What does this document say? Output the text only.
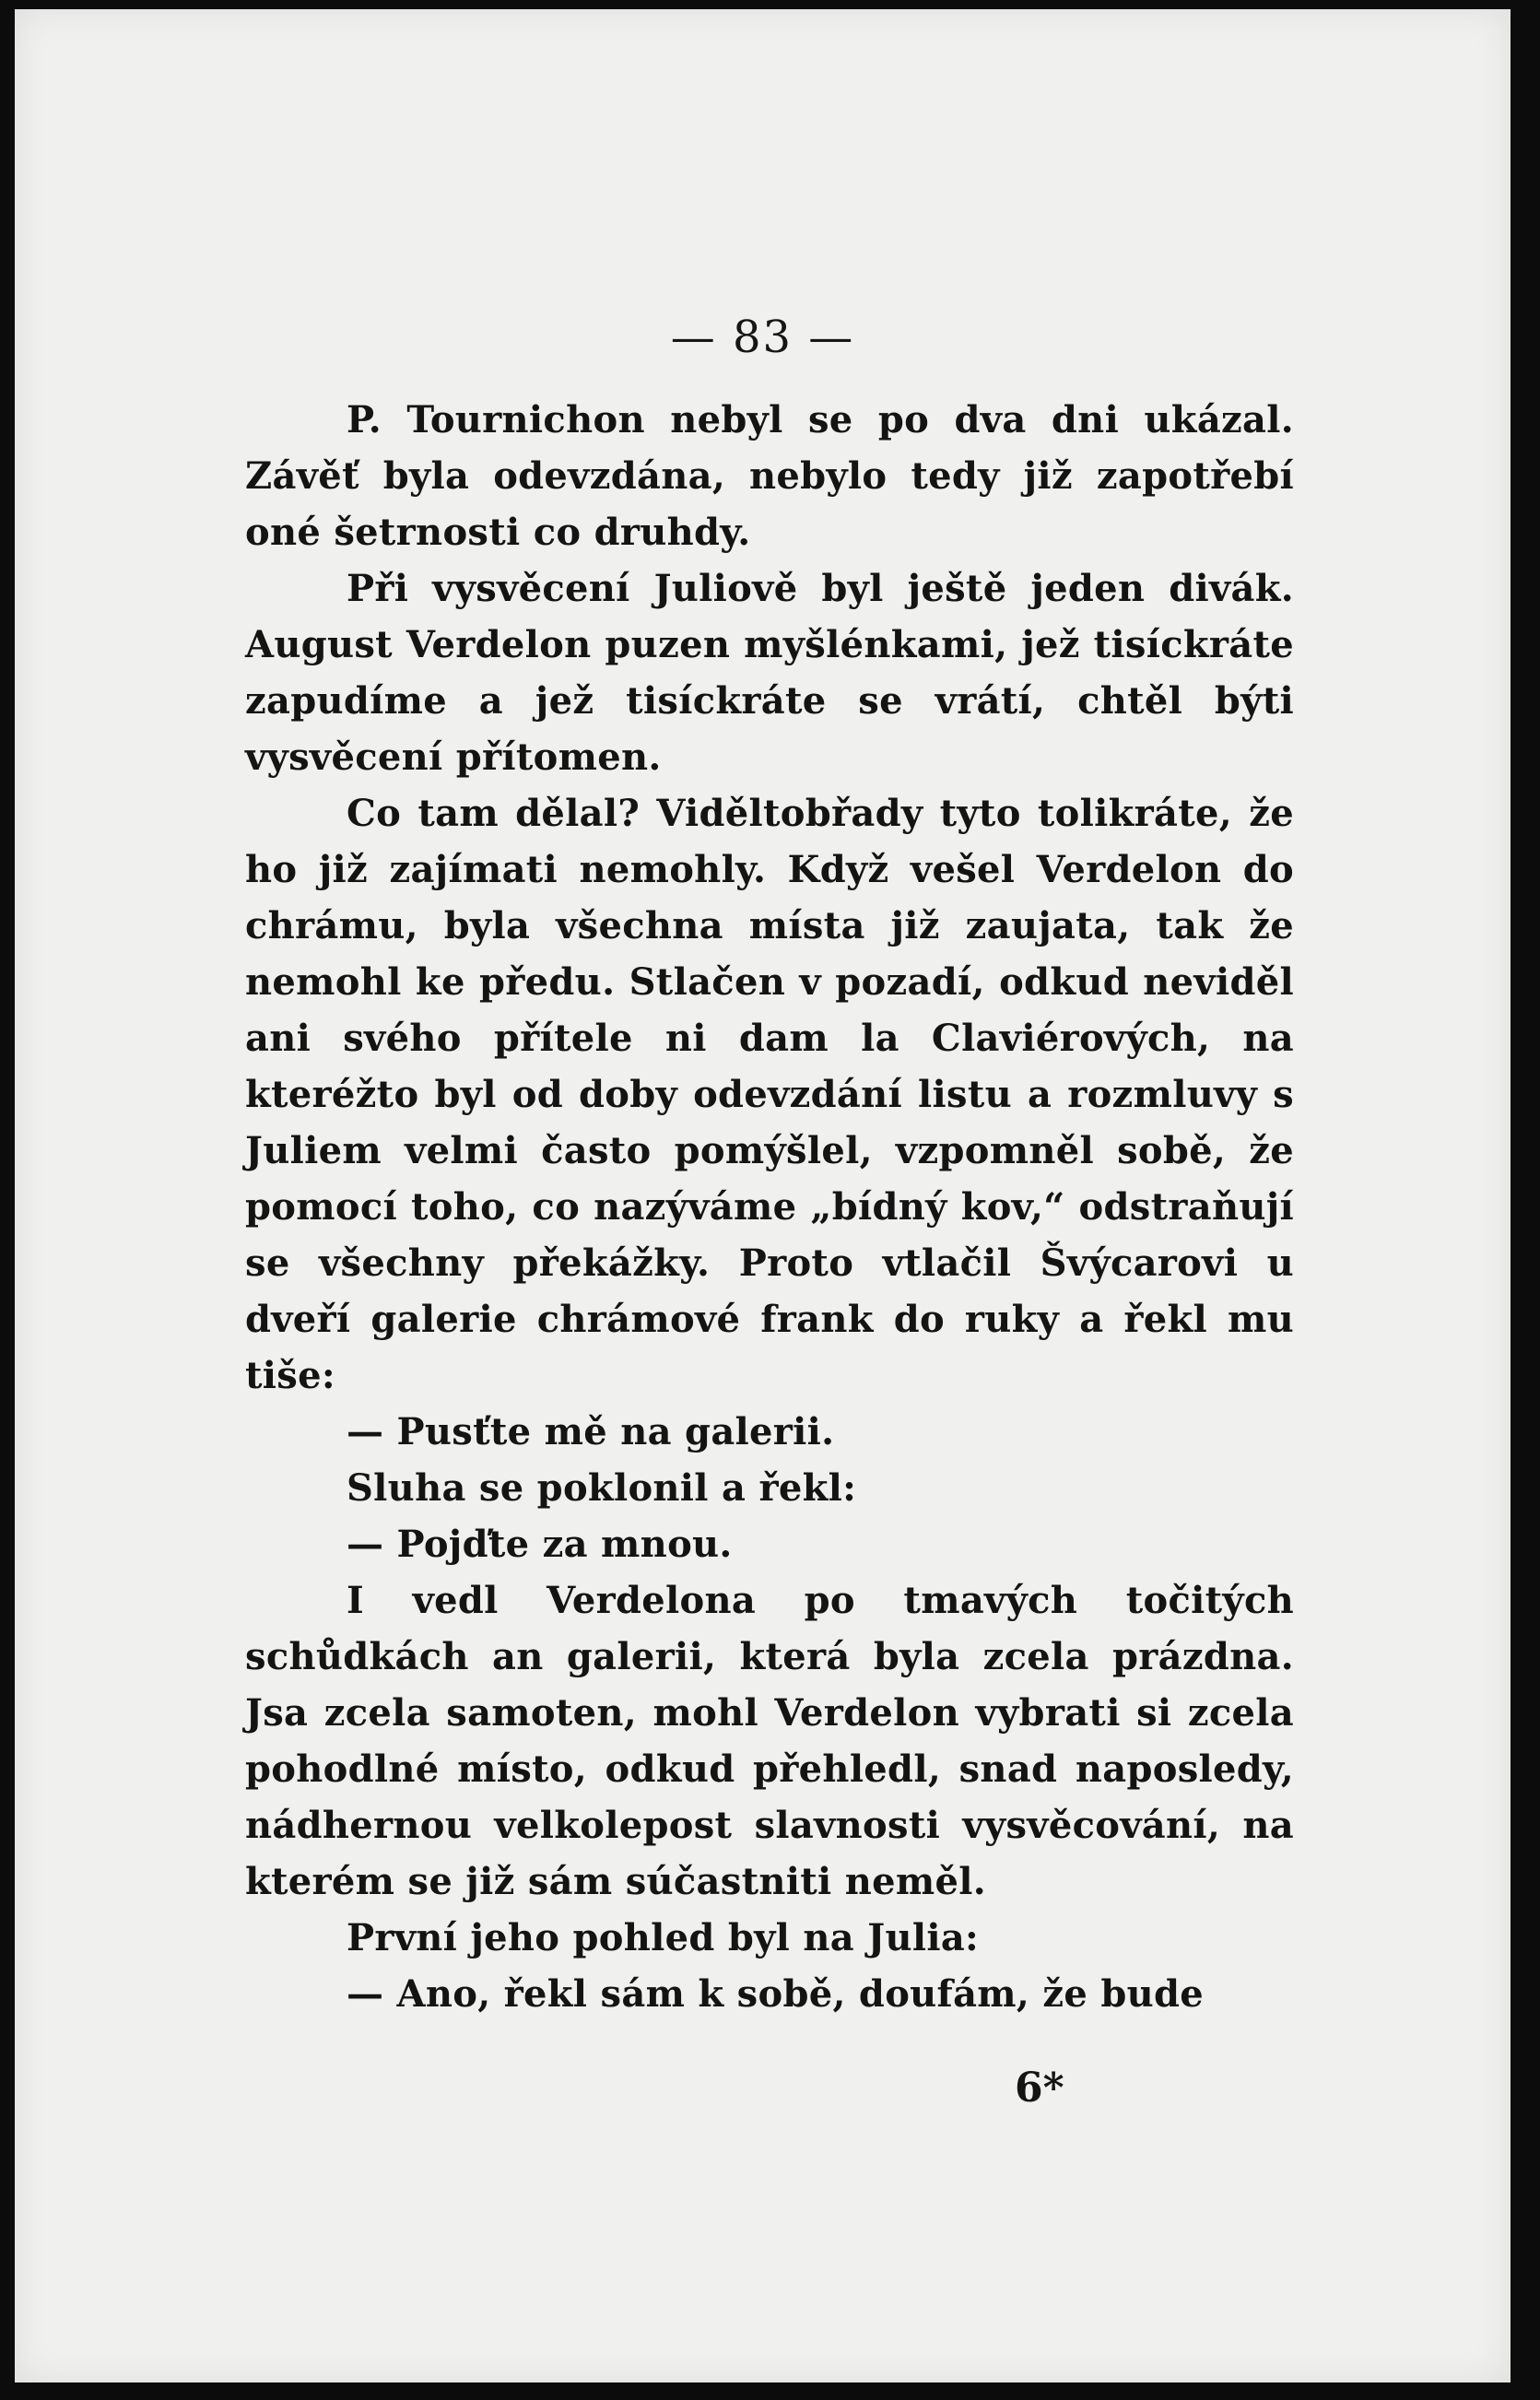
— 83 —

P. Tournichon nebyl se po dva dni ukázal. Závěť byla odevzdána, nebylo tedy již zapotřebí oné šetrnosti co druhdy.

Při vysvěcení Juliově byl ještě jeden divák. August Verdelon puzen myšlénkami, jež tisíckráte zapudíme a jež tisíckráte se vrátí, chtěl býti vysvěcení přítomen.

Co tam dělal? Viděltobřady tyto tolikráte, že ho již zajímati nemohly. Když vešel Verdelon do chrámu, byla všechna místa již zaujata, tak že nemohl ke předu. Stlačen v pozadí, odkud neviděl ani svého přítele ni dam la Claviérových, na kteréžto byl od doby odevzdání listu a rozmluvy s Juliem velmi často pomýšlel, vzpomněl sobě, že pomocí toho, co nazýváme „bídný kov,“ odstraňují se všechny překážky. Proto vtlačil Švýcarovi u dveří galerie chrámové frank do ruky a řekl mu tiše:

— Pusťte mě na galerii.

Sluha se poklonil a řekl:

— Pojďte za mnou.

I vedl Verdelona po tmavých točitých schůdkách an galerii, která byla zcela prázdna. Jsa zcela samoten, mohl Verdelon vybrati si zcela pohodlné místo, odkud přehledl, snad naposledy, nádhernou velkolepost slavnosti vysvěcování, na kterém se již sám súčastniti neměl.

První jeho pohled byl na Julia:

— Ano, řekl sám k sobě, doufám, že bude

6*
